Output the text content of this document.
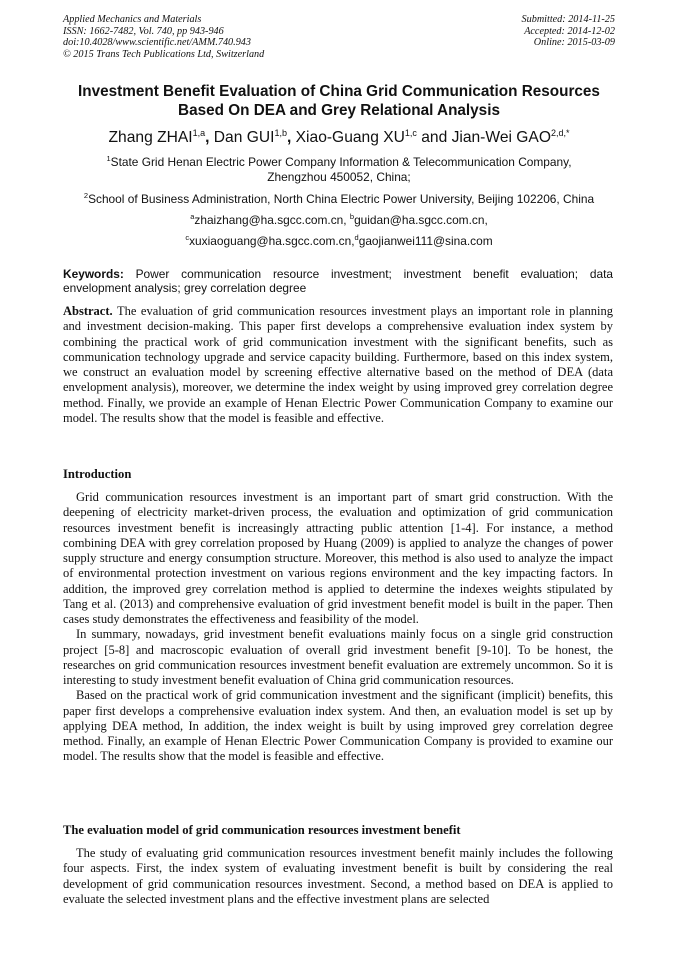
Applied Mechanics and Materials
ISSN: 1662-7482, Vol. 740, pp 943-946
doi:10.4028/www.scientific.net/AMM.740.943
© 2015 Trans Tech Publications Ltd, Switzerland
Submitted: 2014-11-25
Accepted: 2014-12-02
Online: 2015-03-09
Investment Benefit Evaluation of China Grid Communication Resources
Based On DEA and Grey Relational Analysis
Zhang ZHAI$^{1,a}$, Dan GUI$^{1,b}$, Xiao-Guang XU$^{1,c}$ and Jian-Wei $GAO^{2,d,*}$
$^1$State Grid Henan Electric Power Company Information & Telecommunication Company,
Zhengzhou 450052, China;
$^2$School of Business Administration, North China Electric Power University, Beijing 102206, China
$^a$zhaizhang@ha.sgcc.com.cn, $^b$guidan@ha.sgcc.com.cn,
$^c$xuxiaoguang@ha.sgcc.com.cn,$^d$gaojianwei111@sina.com
Keywords: Power communication resource investment; investment benefit evaluation; data envelopment analysis; grey correlation degree

Abstract. The evaluation of grid communication resources investment plays an important role in planning and investment decision-making. This paper first develops a comprehensive evaluation index system by combining the practical work of grid communication investment with the significant benefits, such as communication technology upgrade and service capacity building. Furthermore, based on this index system, we construct an evaluation model by screening effective alternative based on the method of DEA (data envelopment analysis), moreover, we determine the index weight by using improved grey correlation degree method. Finally, we provide an example of Henan Electric Power Communication Company to examine our model. The results show that the model is feasible and effective.

Introduction

Grid communication resources investment is an important part of smart grid construction. With the deepening of electricity market-driven process, the evaluation and optimization of grid communication resources investment benefit is increasingly attracting public attention [1-4]. For instance, a method combining DEA with grey correlation proposed by Huang (2009) is applied to analyze the changes of power supply structure and energy consumption structure. Moreover, this method is also used to analyze the impact of environmental protection investment on various regions environment and the key impacting factors. In addition, the improved grey correlation method is applied to determine the indexes weights stipulated by Tang et al. (2013) and comprehensive evaluation of grid investment benefit model is built in the paper. Then cases study demonstrates the effectiveness and feasibility of the model.

In summary, nowadays, grid investment benefit evaluations mainly focus on a single grid construction project [5-8] and macroscopic evaluation of overall grid investment benefit [9-10]. To be honest, the researches on grid communication resources investment benefit evaluation are extremely uncommon. So it is interesting to study investment benefit evaluation of China grid communication resources.

Based on the practical work of grid communication investment and the significant (implicit) benefits, this paper first develops a comprehensive evaluation index system. And then, an evaluation model is set up by applying DEA method, In addition, the index weight is built by using improved grey correlation degree method. Finally, an example of Henan Electric Power Communication Company is provided to examine our model. The results show that the model is feasible and effective.

The evaluation model of grid communication resources investment benefit

The study of evaluating grid communication resources investment benefit mainly includes the following four aspects. First, the index system of evaluating investment benefit is built by considering the real development of grid communication resources investment. Second, a method based on DEA is applied to evaluate the selected investment plans and the effective investment plans are selected
